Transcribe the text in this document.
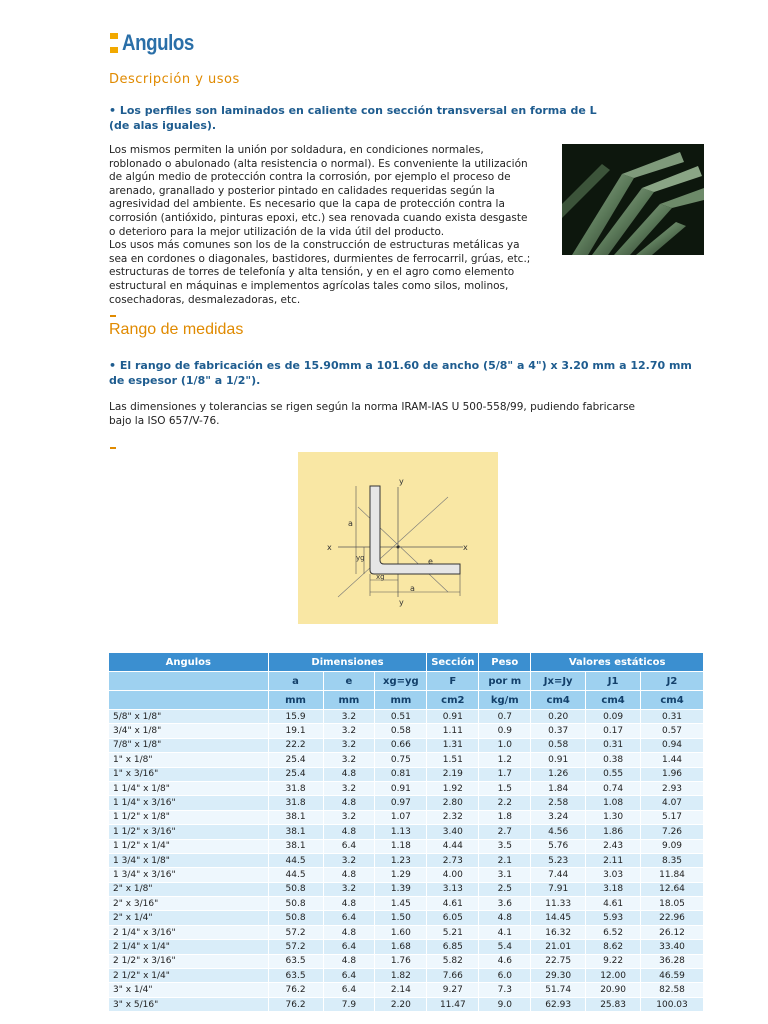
Angulos
Descripción y usos
• Los perfiles son laminados en caliente con sección transversal en forma de L (de alas iguales).
Los mismos permiten la unión por soldadura, en condiciones normales,
roblonado o abulonado (alta resistencia o normal). Es conveniente la utilización
de algún medio de protección contra la corrosión, por ejemplo el proceso de
arenado, granallado y posterior pintado en calidades requeridas según la
agresividad del ambiente. Es necesario que la capa de protección contra la
corrosión (antióxido, pinturas epoxi, etc.) sea renovada cuando exista desgaste
o deterioro para la mejor utilización de la vida útil del producto.
Los usos más comunes son los de la construcción de estructuras metálicas ya
sea en cordones o diagonales, bastidores, durmientes de ferrocarril, grúas, etc.;
estructuras de torres de telefonía y alta tensión, y en el agro como elemento
estructural en máquinas e implementos agrícolas tales como silos, molinos,
cosechadoras, desmalezadoras, etc.
Rango de medidas
• El rango de fabricación es de 15.90mm a 101.60 de ancho (5/8" a 4") x 3.20 mm a 12.70 mm de espesor (1/8" a 1/2").
Las dimensiones y tolerancias se rigen según la norma IRAM-IAS U 500-558/99, pudiendo fabricarse
bajo la ISO 657/V-76.
y
y
x	x
a
a
yg
xg
e
Angulos	Dimensiones			Sección	Peso	Valores estáticos		
	a	e	xg=yg	F	por m	Jx=Jy	J1	J2
	mm	mm	mm	cm2	kg/m	cm4	cm4	cm4
5/8" x 1/8"	15.9	3.2	0.51	0.91	0.7	0.20	0.09	0.31
3/4" x 1/8"	19.1	3.2	0.58	1.11	0.9	0.37	0.17	0.57
7/8" x 1/8"	22.2	3.2	0.66	1.31	1.0	0.58	0.31	0.94
1" x 1/8"	25.4	3.2	0.75	1.51	1.2	0.91	0.38	1.44
1" x 3/16"	25.4	4.8	0.81	2.19	1.7	1.26	0.55	1.96
1 1/4" x 1/8"	31.8	3.2	0.91	1.92	1.5	1.84	0.74	2.93
1 1/4" x 3/16"	31.8	4.8	0.97	2.80	2.2	2.58	1.08	4.07
1 1/2" x 1/8"	38.1	3.2	1.07	2.32	1.8	3.24	1.30	5.17
1 1/2" x 3/16"	38.1	4.8	1.13	3.40	2.7	4.56	1.86	7.26
1 1/2" x 1/4"	38.1	6.4	1.18	4.44	3.5	5.76	2.43	9.09
1 3/4" x 1/8"	44.5	3.2	1.23	2.73	2.1	5.23	2.11	8.35
1 3/4" x 3/16"	44.5	4.8	1.29	4.00	3.1	7.44	3.03	11.84
2" x 1/8"	50.8	3.2	1.39	3.13	2.5	7.91	3.18	12.64
2" x 3/16"	50.8	4.8	1.45	4.61	3.6	11.33	4.61	18.05
2" x 1/4"	50.8	6.4	1.50	6.05	4.8	14.45	5.93	22.96
2 1/4" x 3/16"	57.2	4.8	1.60	5.21	4.1	16.32	6.52	26.12
2 1/4" x 1/4"	57.2	6.4	1.68	6.85	5.4	21.01	8.62	33.40
2 1/2" x 3/16"	63.5	4.8	1.76	5.82	4.6	22.75	9.22	36.28
2 1/2" x 1/4"	63.5	6.4	1.82	7.66	6.0	29.30	12.00	46.59
3" x 1/4"	76.2	6.4	2.14	9.27	7.3	51.74	20.90	82.58
3" x 5/16"	76.2	7.9	2.20	11.47	9.0	62.93	25.83	100.03
